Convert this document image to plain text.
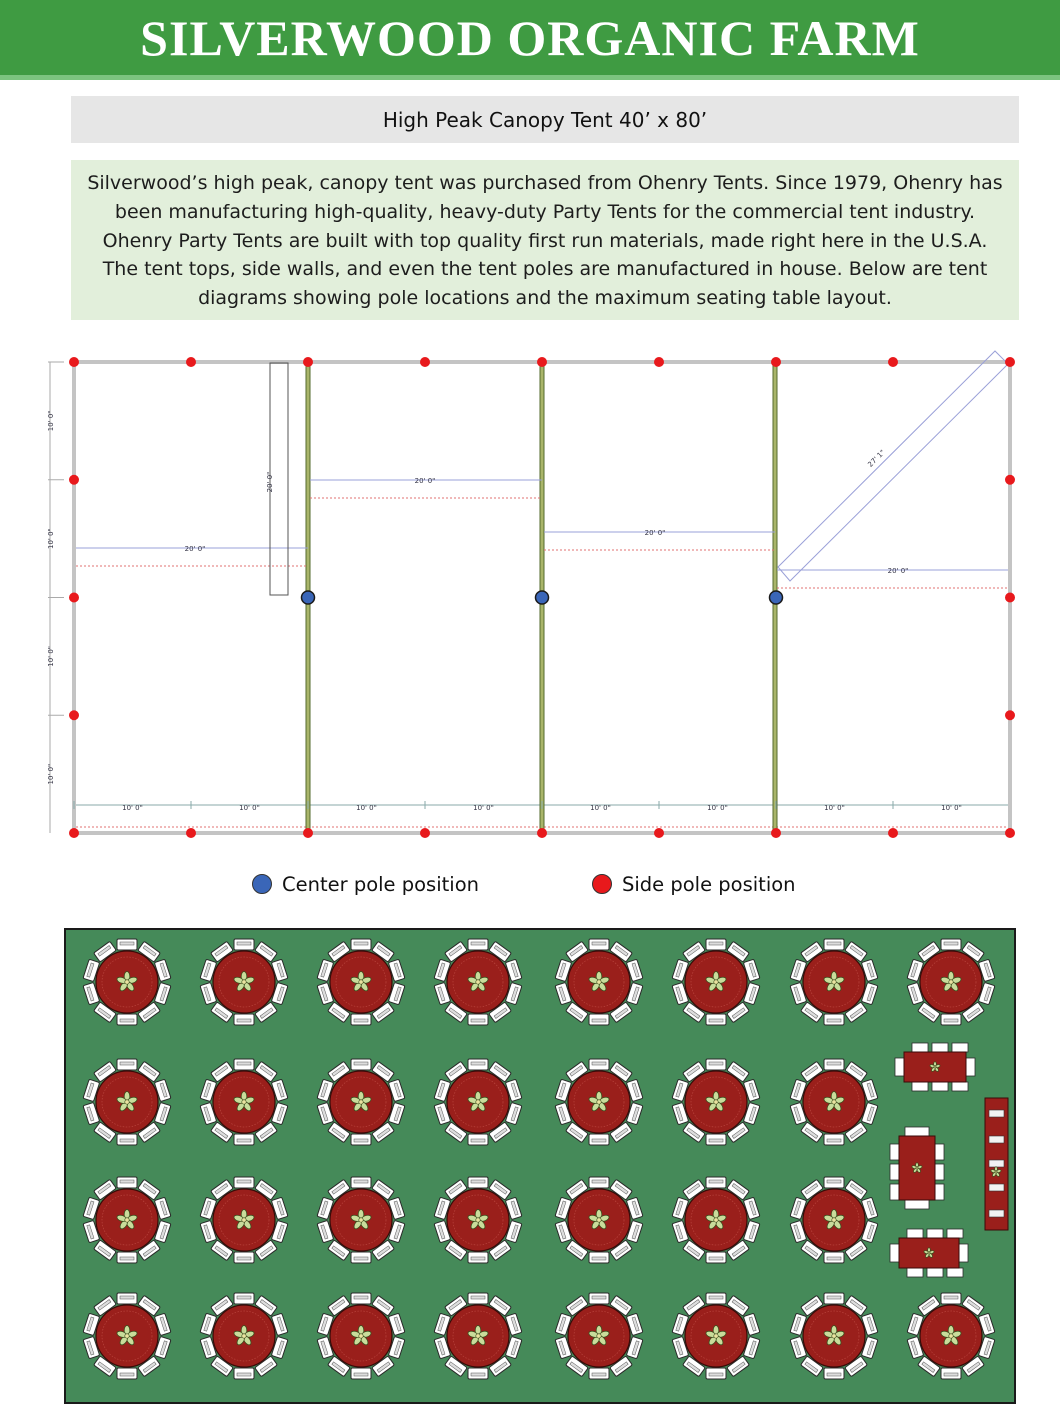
SILVERWOOD ORGANIC FARM
High Peak Canopy Tent 40’ x 80’
Silverwood’s high peak, canopy tent was purchased from Ohenry Tents. Since 1979, Ohenry has been manufacturing high-quality, heavy-duty Party Tents for the commercial tent industry. Ohenry Party Tents are built with top quality first run materials, made right here in the U.S.A. The tent tops, side walls, and even the tent poles are manufactured in house. Below are tent diagrams showing pole locations and the maximum seating table layout.
10' 0"	10' 0"	10' 0"	10' 0"	10' 0"	10' 0"	10' 0"	10' 0"
10' 0"
10' 0"
10' 0"
10' 0"
20' 0"
20' 0"
20' 0"
20' 0"
20' 0"
27' 1"
Center pole position	Side pole position
